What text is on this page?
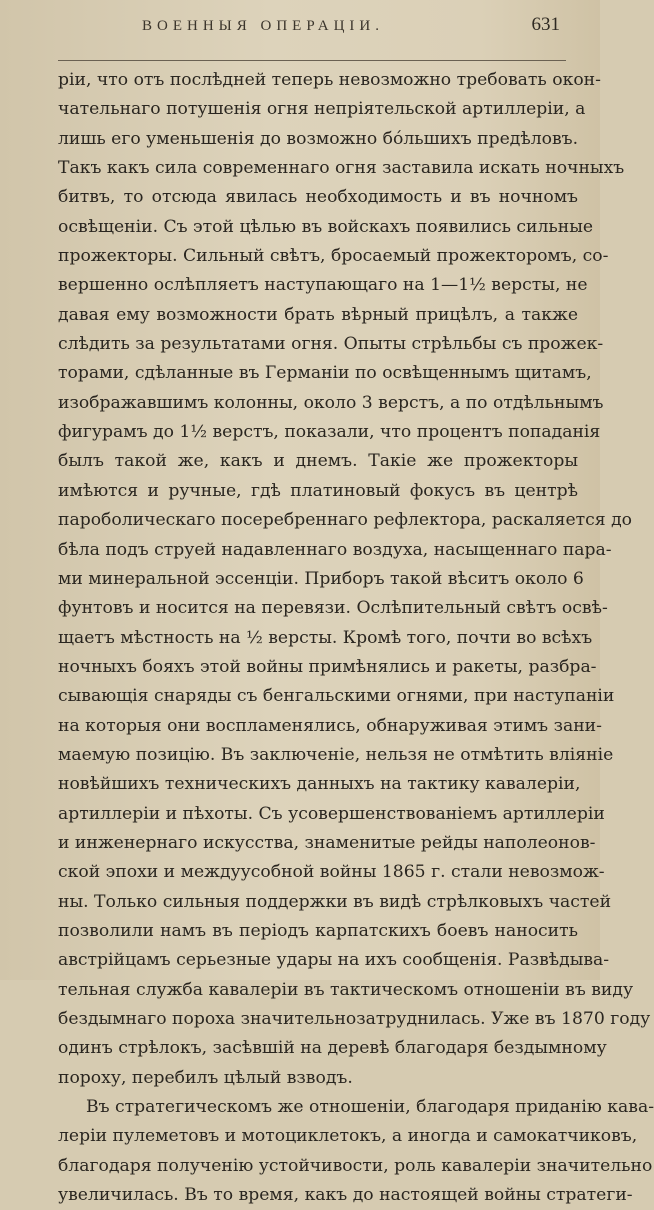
ВОЕННЫЯ ОПЕРАЦІИ.	631
ріи, что отъ послѣдней теперь невозможно требовать окон-
чательнаго потушенія огня непріятельской артиллеріи, а
лишь его уменьшенія до возможно бóльшихъ предѣловъ.
Такъ какъ сила современнаго огня заставила искать ночныхъ
битвъ, то отсюда явилась необходимость и въ ночномъ
освѣщеніи. Съ этой цѣлью въ войскахъ появились сильные
прожекторы. Сильный свѣтъ, бросаемый прожекторомъ, со-
вершенно ослѣпляетъ наступающаго на 1—1½ версты, не
давая ему возможности брать вѣрный прицѣлъ, а также
слѣдить за результатами огня. Опыты стрѣльбы съ прожек-
торами, сдѣланные въ Германіи по освѣщеннымъ щитамъ,
изображавшимъ колонны, около 3 верстъ, а по отдѣльнымъ
фигурамъ до 1½ верстъ, показали, что процентъ попаданія
былъ такой же, какъ и днемъ. Такіе же прожекторы
имѣются и ручные, гдѣ платиновый фокусъ въ центрѣ
пароболическаго посеребреннаго рефлектора, раскаляется до
бѣла подъ струей надавленнаго воздуха, насыщеннаго пара-
ми минеральной эссенціи. Приборъ такой вѣситъ около 6
фунтовъ и носится на перевязи. Ослѣпительный свѣтъ освѣ-
щаетъ мѣстность на ½ версты. Кромѣ того, почти во всѣхъ
ночныхъ бояхъ этой войны примѣнялись и ракеты, разбра-
сывающія снаряды съ бенгальскими огнями, при наступаніи
на которыя они воспламенялись, обнаруживая этимъ зани-
маемую позицію. Въ заключеніе, нельзя не отмѣтить вліяніе
новѣйшихъ техническихъ данныхъ на тактику кавалеріи,
артиллеріи и пѣхоты. Съ усовершенствованіемъ артиллеріи
и инженернаго искусства, знаменитые рейды наполеонов-
ской эпохи и междуусобной войны 1865 г. стали невозмож-
ны. Только сильныя поддержки въ видѣ стрѣлковыхъ частей
позволили намъ въ періодъ карпатскихъ боевъ наносить
австрійцамъ серьезные удары на ихъ сообщенія. Развѣдыва-
тельная служба кавалеріи въ тактическомъ отношеніи въ виду
бездымнаго пороха значительнозатруднилась. Уже въ 1870 году
одинъ стрѣлокъ, засѣвшій на деревѣ благодаря бездымному
пороху, перебилъ цѣлый взводъ.
Въ стратегическомъ же отношеніи, благодаря приданію кава-
леріи пулеметовъ и мотоциклетокъ, а иногда и самокатчиковъ,
благодаря полученію устойчивости, роль кавалеріи значительно
увеличилась. Въ то время, какъ до настоящей войны стратеги-
